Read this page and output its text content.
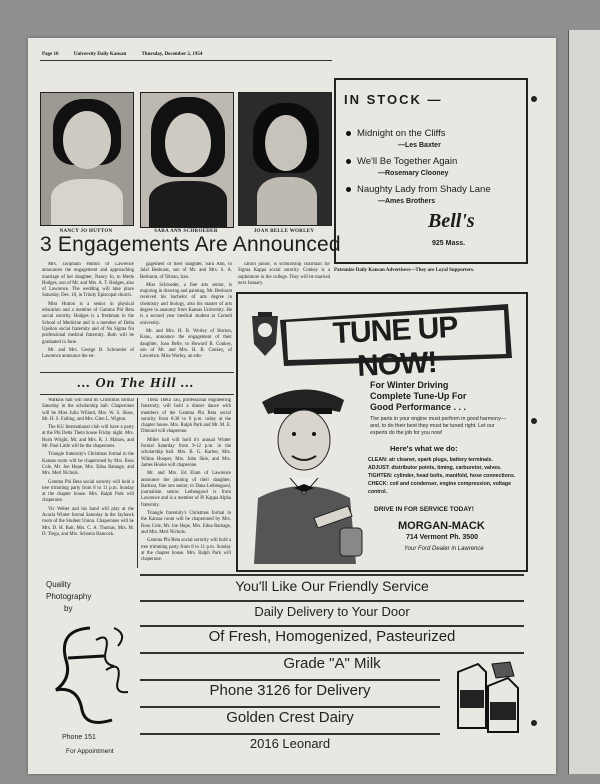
Page 10	University Daily Kansan	Thursday, December 2, 1954
NANCY JO HUTTON	SARA ANN SCHROEDER	JOAN BELLE WORLEY
3 Engagements Are Announced

Mrs. Jacqmain Hutton of Lawrence announces the engagement and approaching marriage of her daughter, Nancy Jo, to Merle Hodges, son of Mr. and Mrs. A. T. Hodges, also of Lawrence. The wedding will take place Saturday, Dec. 18, in Trinity Episcopal church.

Miss Hutton is a senior in physical education and a member of Gamma Phi Beta social sorority. Hodges is a freshman in the School of Medicine and is a member of Delta Upsilon social fraternity and of Nu Sigma Nu professional medical fraternity. Both will be graduated in June.

Mr. and Mrs. George B. Schroeder of Lawrence announce the en-

gagement of their daughter, Sara Ann, to Jalal Beshurat, son of Mr. and Mrs. S. A. Beshurat, of Tehran, Iran.

Miss Schroeder, a fine arts senior, is majoring in drawing and painting. Mr. Beshurat received his bachelor of arts degree in chemistry and biology, also his master of arts degree in anatomy from Kansas University. He is a second year medical student at Cornell university.

Mr. and Mrs. H. B. Worley of Horton, Kans., announce the engagement of their daughter, Joan Belle, to Howard B. Conkey, son of Mr. and Mrs. H. B. Conkey, of Lawrence. Miss Worley, an edu-

cation junior, is scholarship chairman for Sigma Kappa social sorority. Conkey is a sophomore in the college. They will be married next January.

... On The Hill ...

Watkins hall will hold its Christmas formal Saturday in the scholarship hall. Chaperones will be Miss Julia Willard, Mrs. W. S. Shaw, Mr. H. S. Failing, and Mrs. Glen L. Wigton.

The KU International club will have a party at the Phi Delta Theta house Friday night. Mrs. Boris Wright, Mr. and Mrs. R. J. Mahaw, and Mr. Paul Little will be the chaperones.

Triangle fraternity's Christmas formal in the Kansas room will be chaperoned by Mrs. Ross Cole, Mr. Joe Hope, Mrs. Edna Ramage, and Mrs. Merl Nichols.

Gamma Phi Beta social sorority will hold a tree trimming party from 8 to 11 p.m. Sunday at the chapter house. Mrs. Ralph Park will chaperone.

Vic Weber and his band will play at the Acacia Winter formal Saturday in the Jayhawk room of the Student Union. Chaperones will be Mrs. D. H. Bair, Mrs. C. A. Thomas, Mrs. M. D. Trega, and Mrs. Schonia Hancock.

Theta Theta Tau, professional engineering fraternity, will hold a dinner dance with members of the Gamma Phi Beta social sorority from 6:30 to 8 p.m. today at the chapter house. Mrs. Ralph Park and Mr. M. E. Dimond will chaperone.

Miller hall will hold it's annual Winter formal Saturday from 9-12 p.m. in the scholarship hall. Mrs. B. G. Karber, Mrs. Wilma Hooper, Mrs. John Skie, and Mrs. James Hooke will chaperone.

Mr. and Mrs. Ed Elam of Lawrence announce the pinning of their daughter, Barbara, fine arts senior, to Dana Leibengood, journalism senior. Leibengood is from Lawrence and is a member of Pi Kappa Alpha fraternity.

Triangle fraternity's Christmas formal in the Kansas room will be chaperoned by Mrs. Ross Cole, Mr. Joe Hope, Mrs. Edna Ramage, and Mrs. Merl Nichols.

Gamma Phi Beta social sorority will hold a tree trimming party from 8 to 11 p.m. Sunday at the chapter house. Mrs. Ralph Park will chaperone.

IN STOCK —
Midnight on the Cliffs
—Les Baxter
We'll Be Together Again
—Rosemary Clooney
Naughty Lady from Shady Lane
—Ames Brothers
Bell's
925 Mass.
Patronize Daily Kansan Advertisers—They are Loyal Supporters.
TUNE UP NOW!
For Winter Driving
Complete Tune-Up For
Good Performance . . .
The parts in your engine must perform in good harmony—and, to do their best they must be tuned right. Let our experts do the job for you now!
Here's what we do:
CLEAN: air cleaner, spark plugs, battery terminals.
ADJUST: distributor points, timing, carburetor, valves.
TIGHTEN: cylinder, head bolts, manifold, hose connections.
CHECK: coil and condenser, engine compression, voltage control.
DRIVE IN FOR SERVICE TODAY!
MORGAN-MACK
714 Vermont Ph. 3500
Your Ford Dealer in Lawrence
Quality
Photography
by
Phone 151
For Appointment
You'll Like Our Friendly Service
Daily Delivery to Your Door
Of Fresh, Homogenized, Pasteurized
Grade "A" Milk
Phone 3126 for Delivery
Golden Crest Dairy
2016 Leonard
